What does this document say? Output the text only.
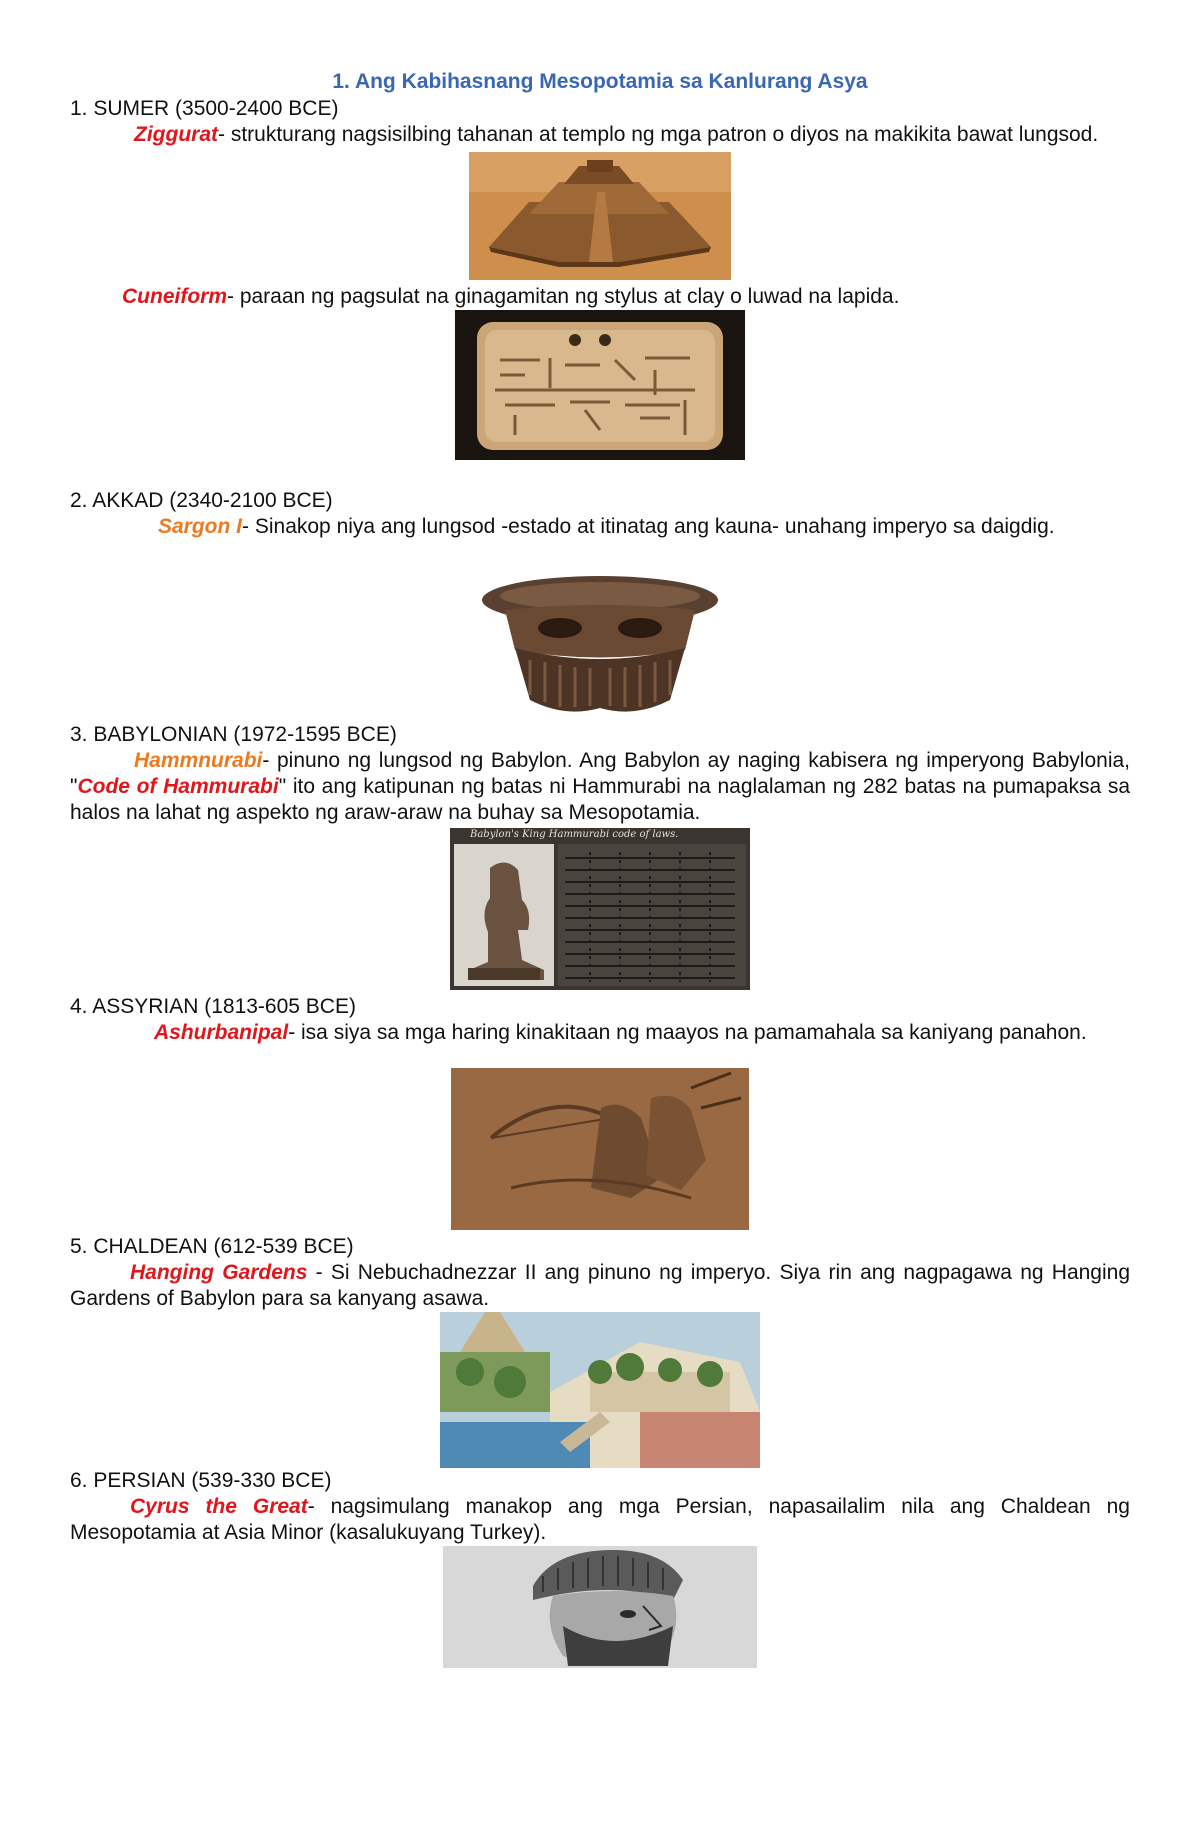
1. Ang Kabihasnang Mesopotamia sa Kanlurang Asya

1. SUMER (3500-2400 BCE)

Ziggurat- strukturang nagsisilbing tahanan at templo ng mga patron o diyos na makikita bawat lungsod.

Cuneiform- paraan ng pagsulat na ginagamitan ng stylus at clay o luwad na lapida.

2. AKKAD (2340-2100 BCE)

Sargon I- Sinakop niya ang lungsod -estado at itinatag ang kauna- unahang imperyo sa daigdig.

3. BABYLONIAN (1972-1595 BCE)

Hammnurabi- pinuno ng lungsod ng Babylon. Ang Babylon ay naging kabisera ng imperyong Babylonia, "Code of Hammurabi" ito ang katipunan ng batas ni Hammurabi na naglalaman ng 282 batas na pumapaksa sa halos na lahat ng aspekto ng araw-araw na buhay sa Mesopotamia.

Babylon's King Hammurabi code of laws.

4. ASSYRIAN (1813-605 BCE)

Ashurbanipal- isa siya sa mga haring kinakitaan ng maayos na pamamahala sa kaniyang panahon.

5. CHALDEAN (612-539 BCE)

Hanging Gardens - Si Nebuchadnezzar II ang pinuno ng imperyo. Siya rin ang nagpagawa ng Hanging Gardens of Babylon para sa kanyang asawa.

6. PERSIAN (539-330 BCE)

Cyrus the Great- nagsimulang manakop ang mga Persian, napasailalim nila ang Chaldean ng Mesopotamia at Asia Minor (kasalukuyang Turkey).
